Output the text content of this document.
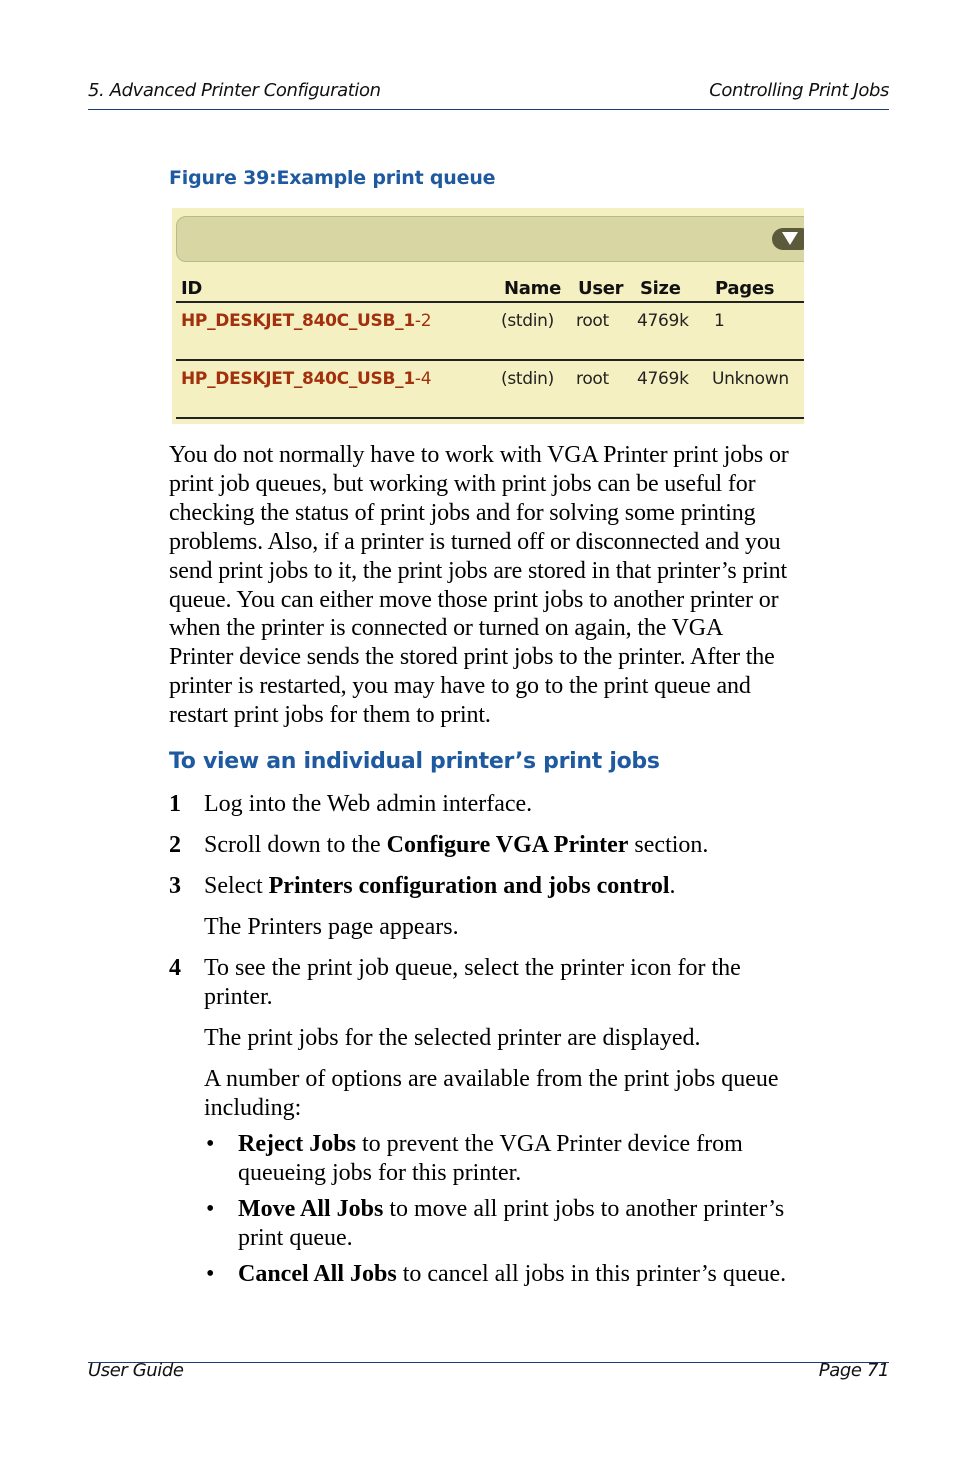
5. Advanced Printer Configuration	Controlling Print Jobs
Figure 39:Example print queue
ID	Name User Size Pages
HP_DESKJET_840C_USB_1-2	(stdin) root 4769k 1
HP_DESKJET_840C_USB_1-4	(stdin) root 4769k Unknown
You do not normally have to work with VGA Printer print jobs or
print job queues, but working with print jobs can be useful for
checking the status of print jobs and for solving some printing
problems. Also, if a printer is turned off or disconnected and you
send print jobs to it, the print jobs are stored in that printer’s print
queue. You can either move those print jobs to another printer or
when the printer is connected or turned on again, the VGA
Printer device sends the stored print jobs to the printer. After the
printer is restarted, you may have to go to the print queue and
restart print jobs for them to print.
To view an individual printer’s print jobs
1 Log into the Web admin interface.
2 Scroll down to the Configure VGA Printer section.
3 Select Printers configuration and jobs control.
The Printers page appears.
4 To see the print job queue, select the printer icon for the
printer.
The print jobs for the selected printer are displayed.
A number of options are available from the print jobs queue
including:
• Reject Jobs to prevent the VGA Printer device from
queueing jobs for this printer.
• Move All Jobs to move all print jobs to another printer’s
print queue.
• Cancel All Jobs to cancel all jobs in this printer’s queue.
User Guide	Page 71
